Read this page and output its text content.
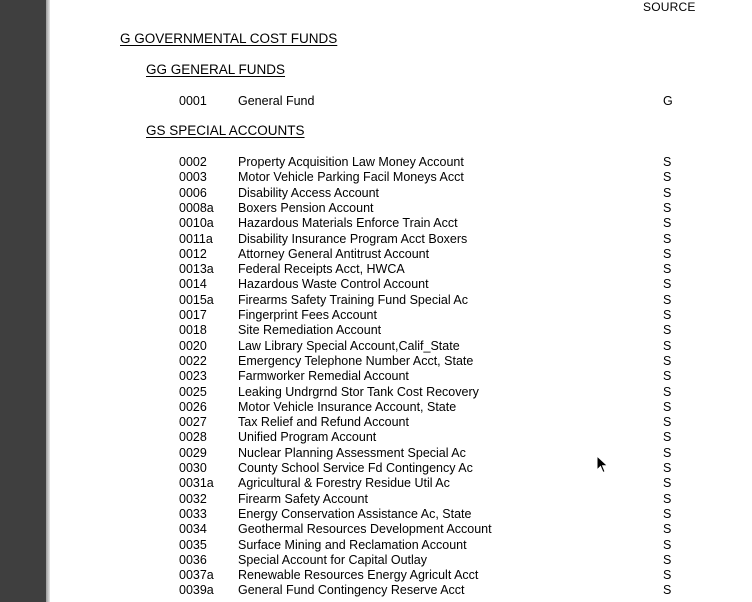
SOURCE
G GOVERNMENTAL COST FUNDS
GG GENERAL FUNDS
0001 General Fund	G
GS SPECIAL ACCOUNTS
0002 Property Acquisition Law Money Account	S
0003 Motor Vehicle Parking Facil Moneys Acct	S
0006 Disability Access Account	S
0008a Boxers Pension Account	S
0010a Hazardous Materials Enforce Train Acct	S
0011a Disability Insurance Program Acct Boxers	S
0012 Attorney General Antitrust Account	S
0013a Federal Receipts Acct, HWCA	S
0014 Hazardous Waste Control Account	S
0015a Firearms Safety Training Fund Special Ac	S
0017 Fingerprint Fees Account	S
0018 Site Remediation Account	S
0020 Law Library Special Account,Calif_State	S
0022 Emergency Telephone Number Acct, State	S
0023 Farmworker Remedial Account	S
0025 Leaking Undrgrnd Stor Tank Cost Recovery	S
0026 Motor Vehicle Insurance Account, State	S
0027 Tax Relief and Refund Account	S
0028 Unified Program Account	S
0029 Nuclear Planning Assessment Special Ac	S
0030 County School Service Fd Contingency Ac	S
0031a Agricultural & Forestry Residue Util Ac	S
0032 Firearm Safety Account	S
0033 Energy Conservation Assistance Ac, State	S
0034 Geothermal Resources Development Account	S
0035 Surface Mining and Reclamation Account	S
0036 Special Account for Capital Outlay	S
0037a Renewable Resources Energy Agricult Acct	S
0039a General Fund Contingency Reserve Acct	S
